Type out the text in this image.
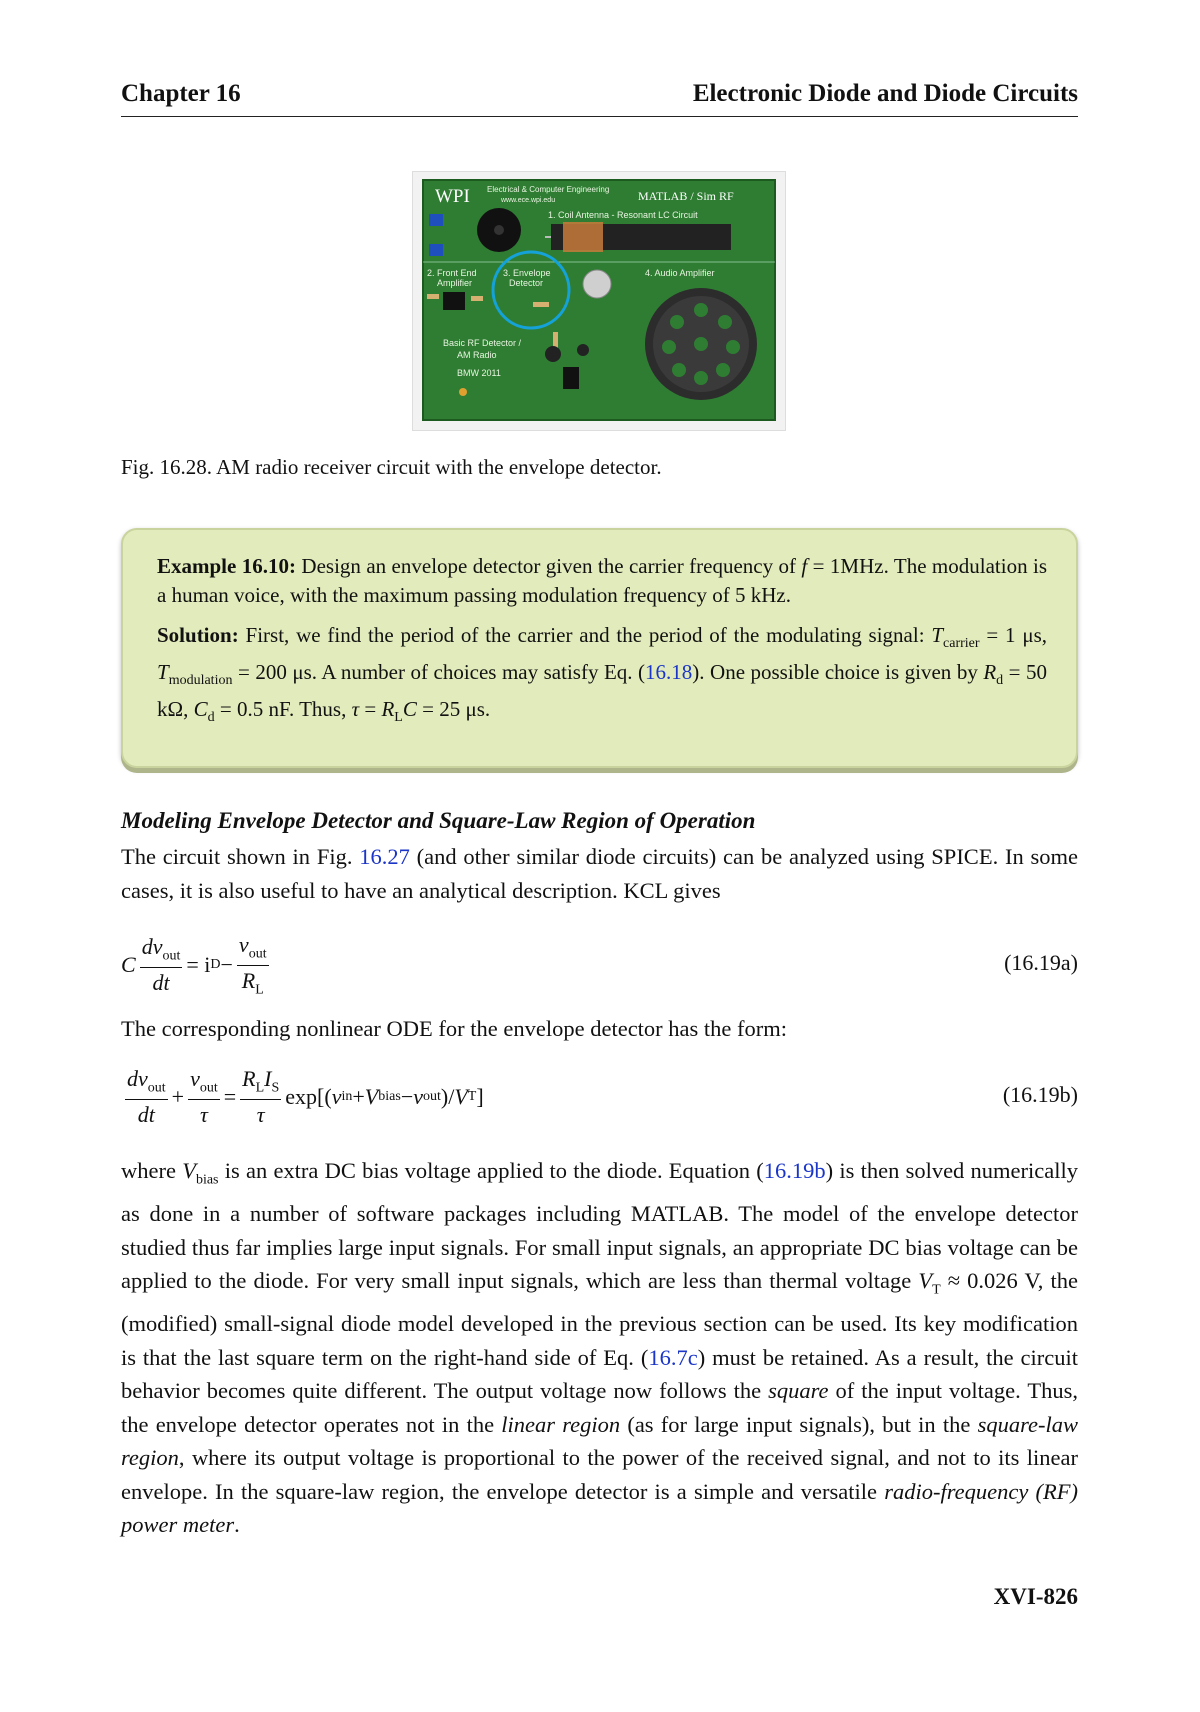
Chapter 16	Electronic Diode and Diode Circuits
WPI Electrical & Computer Engineering
www.ece.wpi.edu	MATLAB / Sim RF
1. Coil Antenna - Resonant LC Circuit
2. Front End
Amplifier
3. Envelope
Detector
4. Audio Amplifier
Basic RF Detector /
AM Radio
BMW 2011
Fig. 16.28. AM radio receiver circuit with the envelope detector.

Example 16.10: Design an envelope detector given the carrier frequency of f = 1MHz. The modulation is a human voice, with the maximum passing modulation frequency of 5 kHz.

Solution: First, we find the period of the carrier and the period of the modulating signal: $T_{carrier} = 1$ μs, $T_{modulation} = 200$ μs. A number of choices may satisfy Eq. (16.18). One possible choice is given by $R_d = 50$ kΩ, $C_d = 0.5$ nF. Thus, $\tau = R_LC = 25$ μs.

Modeling Envelope Detector and Square-Law Region of Operation

The circuit shown in Fig. 16.27 (and other similar diode circuits) can be analyzed using SPICE. In some cases, it is also useful to have an analytical description. KCL gives

C $\frac{dv_{out}}{dt} = i$ $D - \frac{v_{out}}{R_L}$	(16.19a)

The corresponding nonlinear ODE for the envelope detector has the form:

$\frac{dv_{out}}{dt} + \frac{v_{out}}{\tau} = \frac{R_LI_S}{\tau} \exp$[( v in + V bias − v out )/ V T ]	(16.19b)

where $V_{bias}$ is an extra DC bias voltage applied to the diode. Equation (16.19b) is then solved numerically as done in a number of software packages including MATLAB. The model of the envelope detector studied thus far implies large input signals. For small input signals, an appropriate DC bias voltage can be applied to the diode. For very small input signals, which are less than thermal voltage $V_T \approx 0.026$ V, the (modified) small-signal diode model developed in the previous section can be used. Its key modification is that the last square term on the right-hand side of Eq. (16.7c) must be retained. As a result, the circuit behavior becomes quite different. The output voltage now follows the square of the input voltage. Thus, the envelope detector operates not in the linear region (as for large input signals), but in the square-law region, where its output voltage is proportional to the power of the received signal, and not to its linear envelope. In the square-law region, the envelope detector is a simple and versatile radio-frequency (RF) power meter.

XVI-826
